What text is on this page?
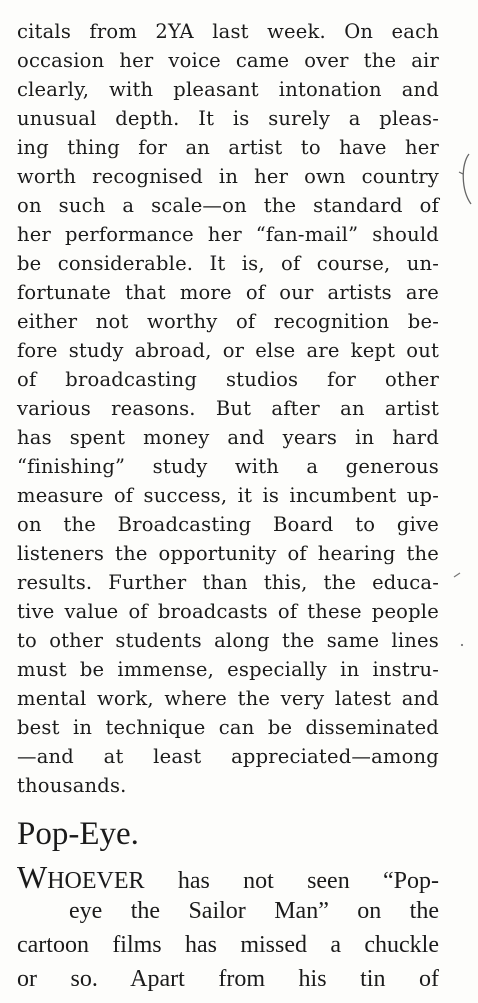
citals from 2YA last week. On each
occasion her voice came over the air
clearly, with pleasant intonation and
unusual depth. It is surely a pleas-
ing thing for an artist to have her
worth recognised in her own country
on such a scale—on the standard of
her performance her “fan-mail” should
be considerable. It is, of course, un-
fortunate that more of our artists are
either not worthy of recognition be-
fore study abroad, or else are kept out
of broadcasting studios for other
various reasons. But after an artist
has spent money and years in hard
“finishing” study with a generous
measure of success, it is incumbent up-
on the Broadcasting Board to give
listeners the opportunity of hearing the
results. Further than this, the educa-
tive value of broadcasts of these people
to other students along the same lines
must be immense, especially in instru-
mental work, where the very latest and
best in technique can be disseminated
—and at least appreciated—among
thousands.
Pop-Eye.
WHOEVER has not seen “Pop-
eye the Sailor Man” on the
cartoon films has missed a chuckle
or so. Apart from his tin of
